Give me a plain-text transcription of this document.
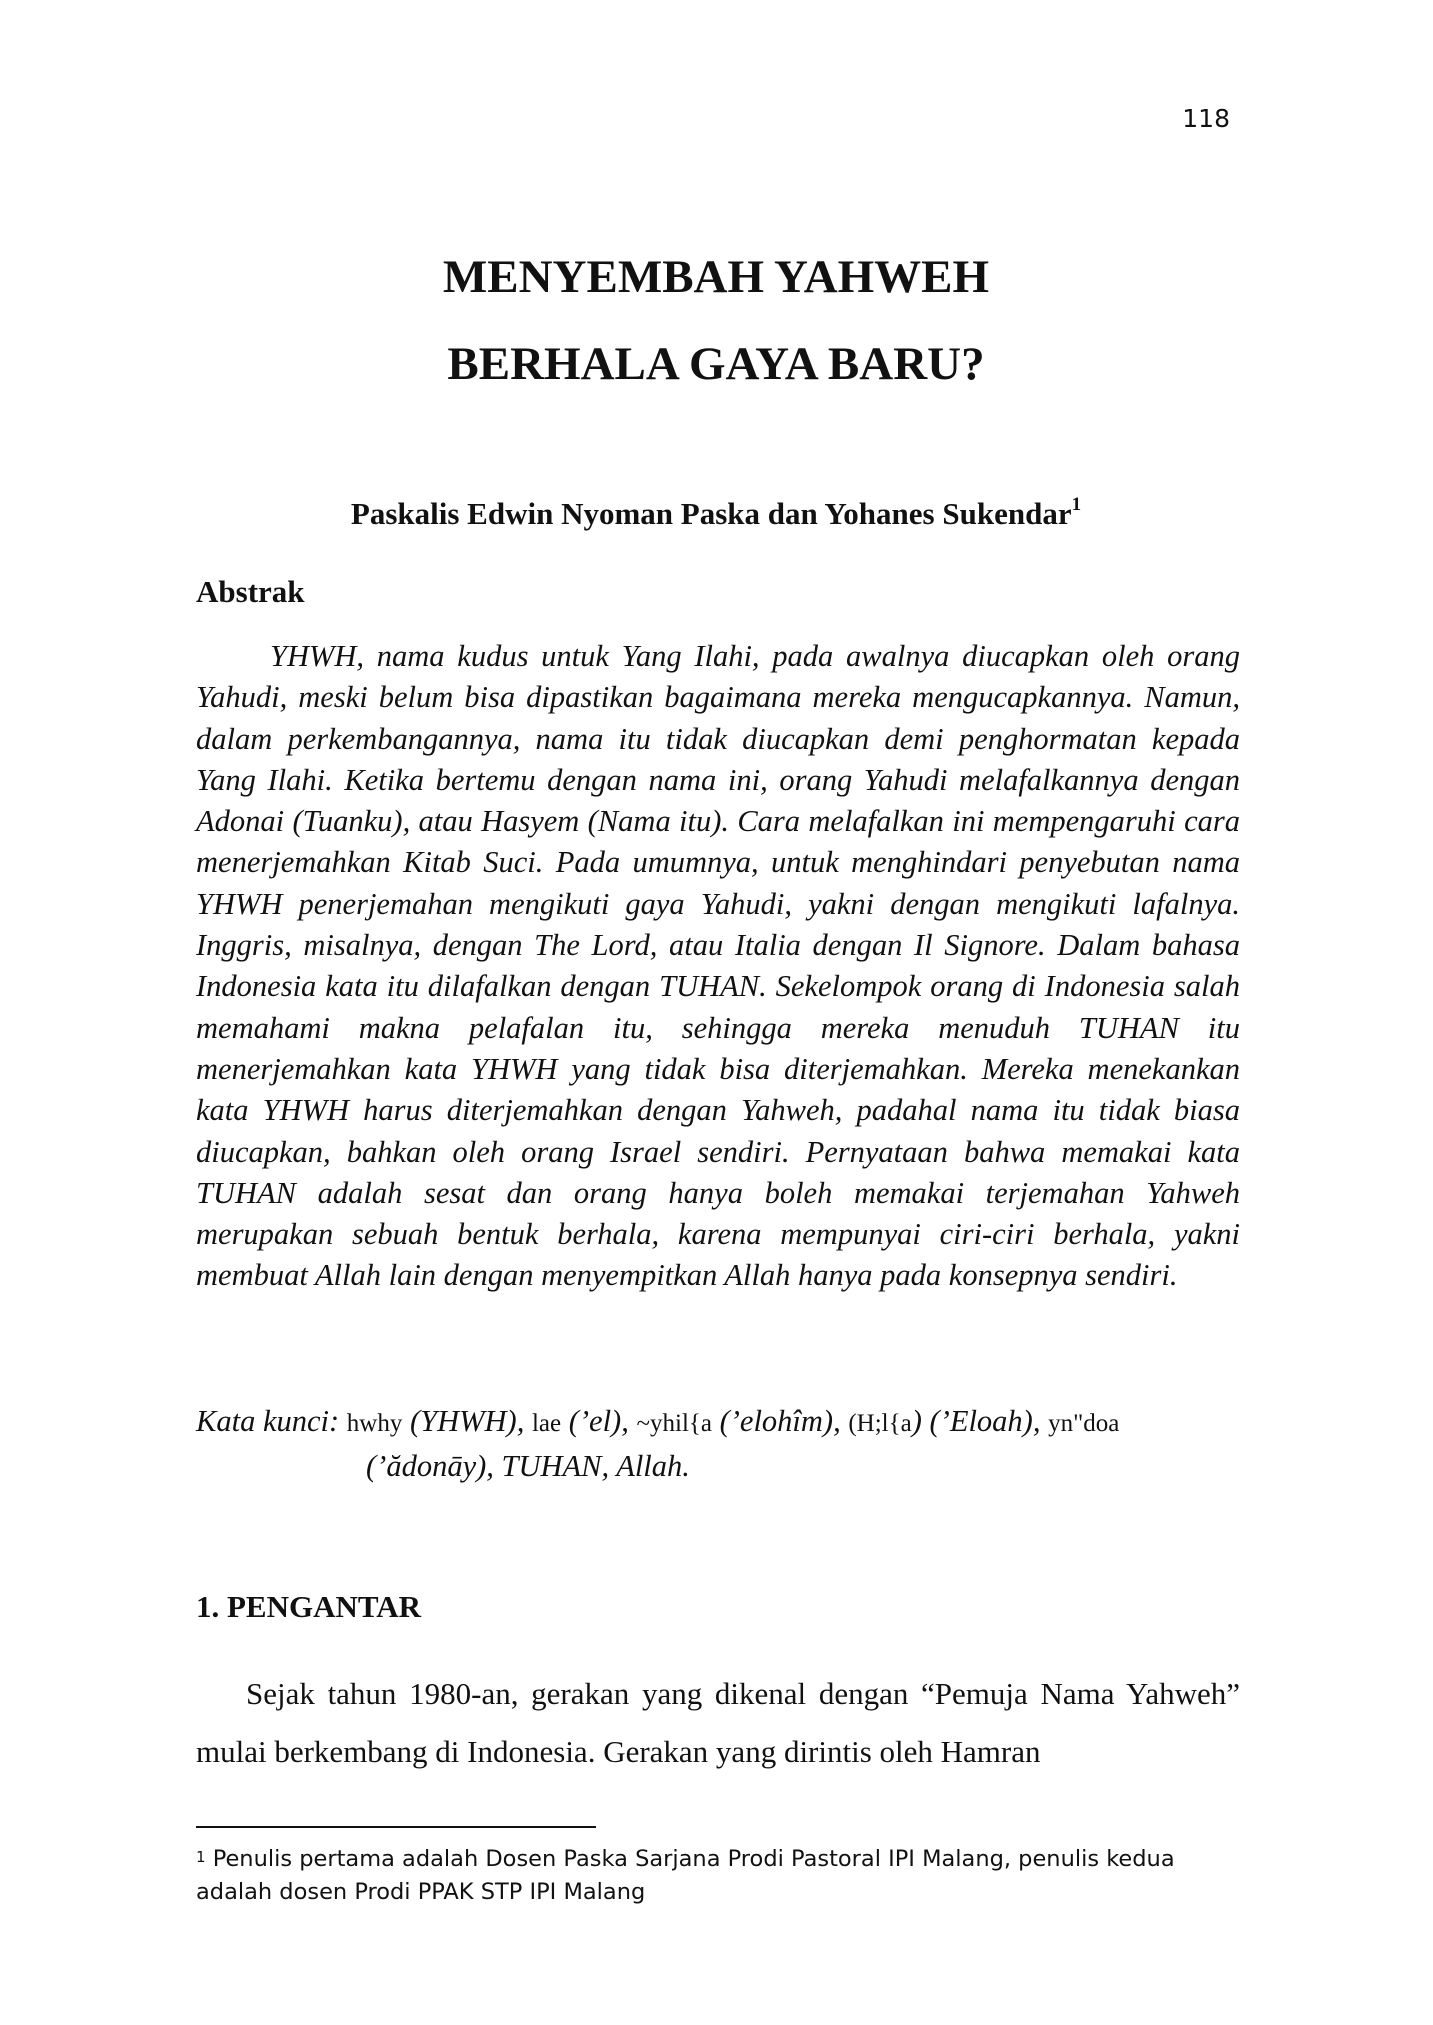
118
MENYEMBAH YAHWEH
BERHALA GAYA BARU?
Paskalis Edwin Nyoman Paska dan Yohanes Sukendar$^1$
Abstrak

YHWH, nama kudus untuk Yang Ilahi, pada awalnya diucapkan oleh orang Yahudi, meski belum bisa dipastikan bagaimana mereka mengucapkannya. Namun, dalam perkembangannya, nama itu tidak diucapkan demi penghormatan kepada Yang Ilahi. Ketika bertemu dengan nama ini, orang Yahudi melafalkannya dengan Adonai (Tuanku), atau Hasyem (Nama itu). Cara melafalkan ini mempengaruhi cara menerjemahkan Kitab Suci. Pada umumnya, untuk menghindari penyebutan nama YHWH penerjemahan mengikuti gaya Yahudi, yakni dengan mengikuti lafalnya. Inggris, misalnya, dengan The Lord, atau Italia dengan Il Signore. Dalam bahasa Indonesia kata itu dilafalkan dengan TUHAN. Sekelompok orang di Indonesia salah memahami makna pelafalan itu, sehingga mereka menuduh TUHAN itu menerjemahkan kata YHWH yang tidak bisa diterjemahkan. Mereka menekankan kata YHWH harus diterjemahkan dengan Yahweh, padahal nama itu tidak biasa diucapkan, bahkan oleh orang Israel sendiri. Pernyataan bahwa memakai kata TUHAN adalah sesat dan orang hanya boleh memakai terjemahan Yahweh merupakan sebuah bentuk berhala, karena mempunyai ciri-ciri berhala, yakni membuat Allah lain dengan menyempitkan Allah hanya pada konsepnya sendiri.

Kata kunci: hwhy (YHWH), lae (’el), ~yhil{a (’elohîm), (H;l{a) (’Eloah), yn"doa
(’ădonāy), TUHAN, Allah.
1. PENGANTAR

Sejak tahun 1980-an, gerakan yang dikenal dengan “Pemuja Nama Yahweh” mulai berkembang di Indonesia. Gerakan yang dirintis oleh Hamran

$^1$ Penulis pertama adalah Dosen Paska Sarjana Prodi Pastoral IPI Malang, penulis kedua adalah dosen Prodi PPAK STP IPI Malang
